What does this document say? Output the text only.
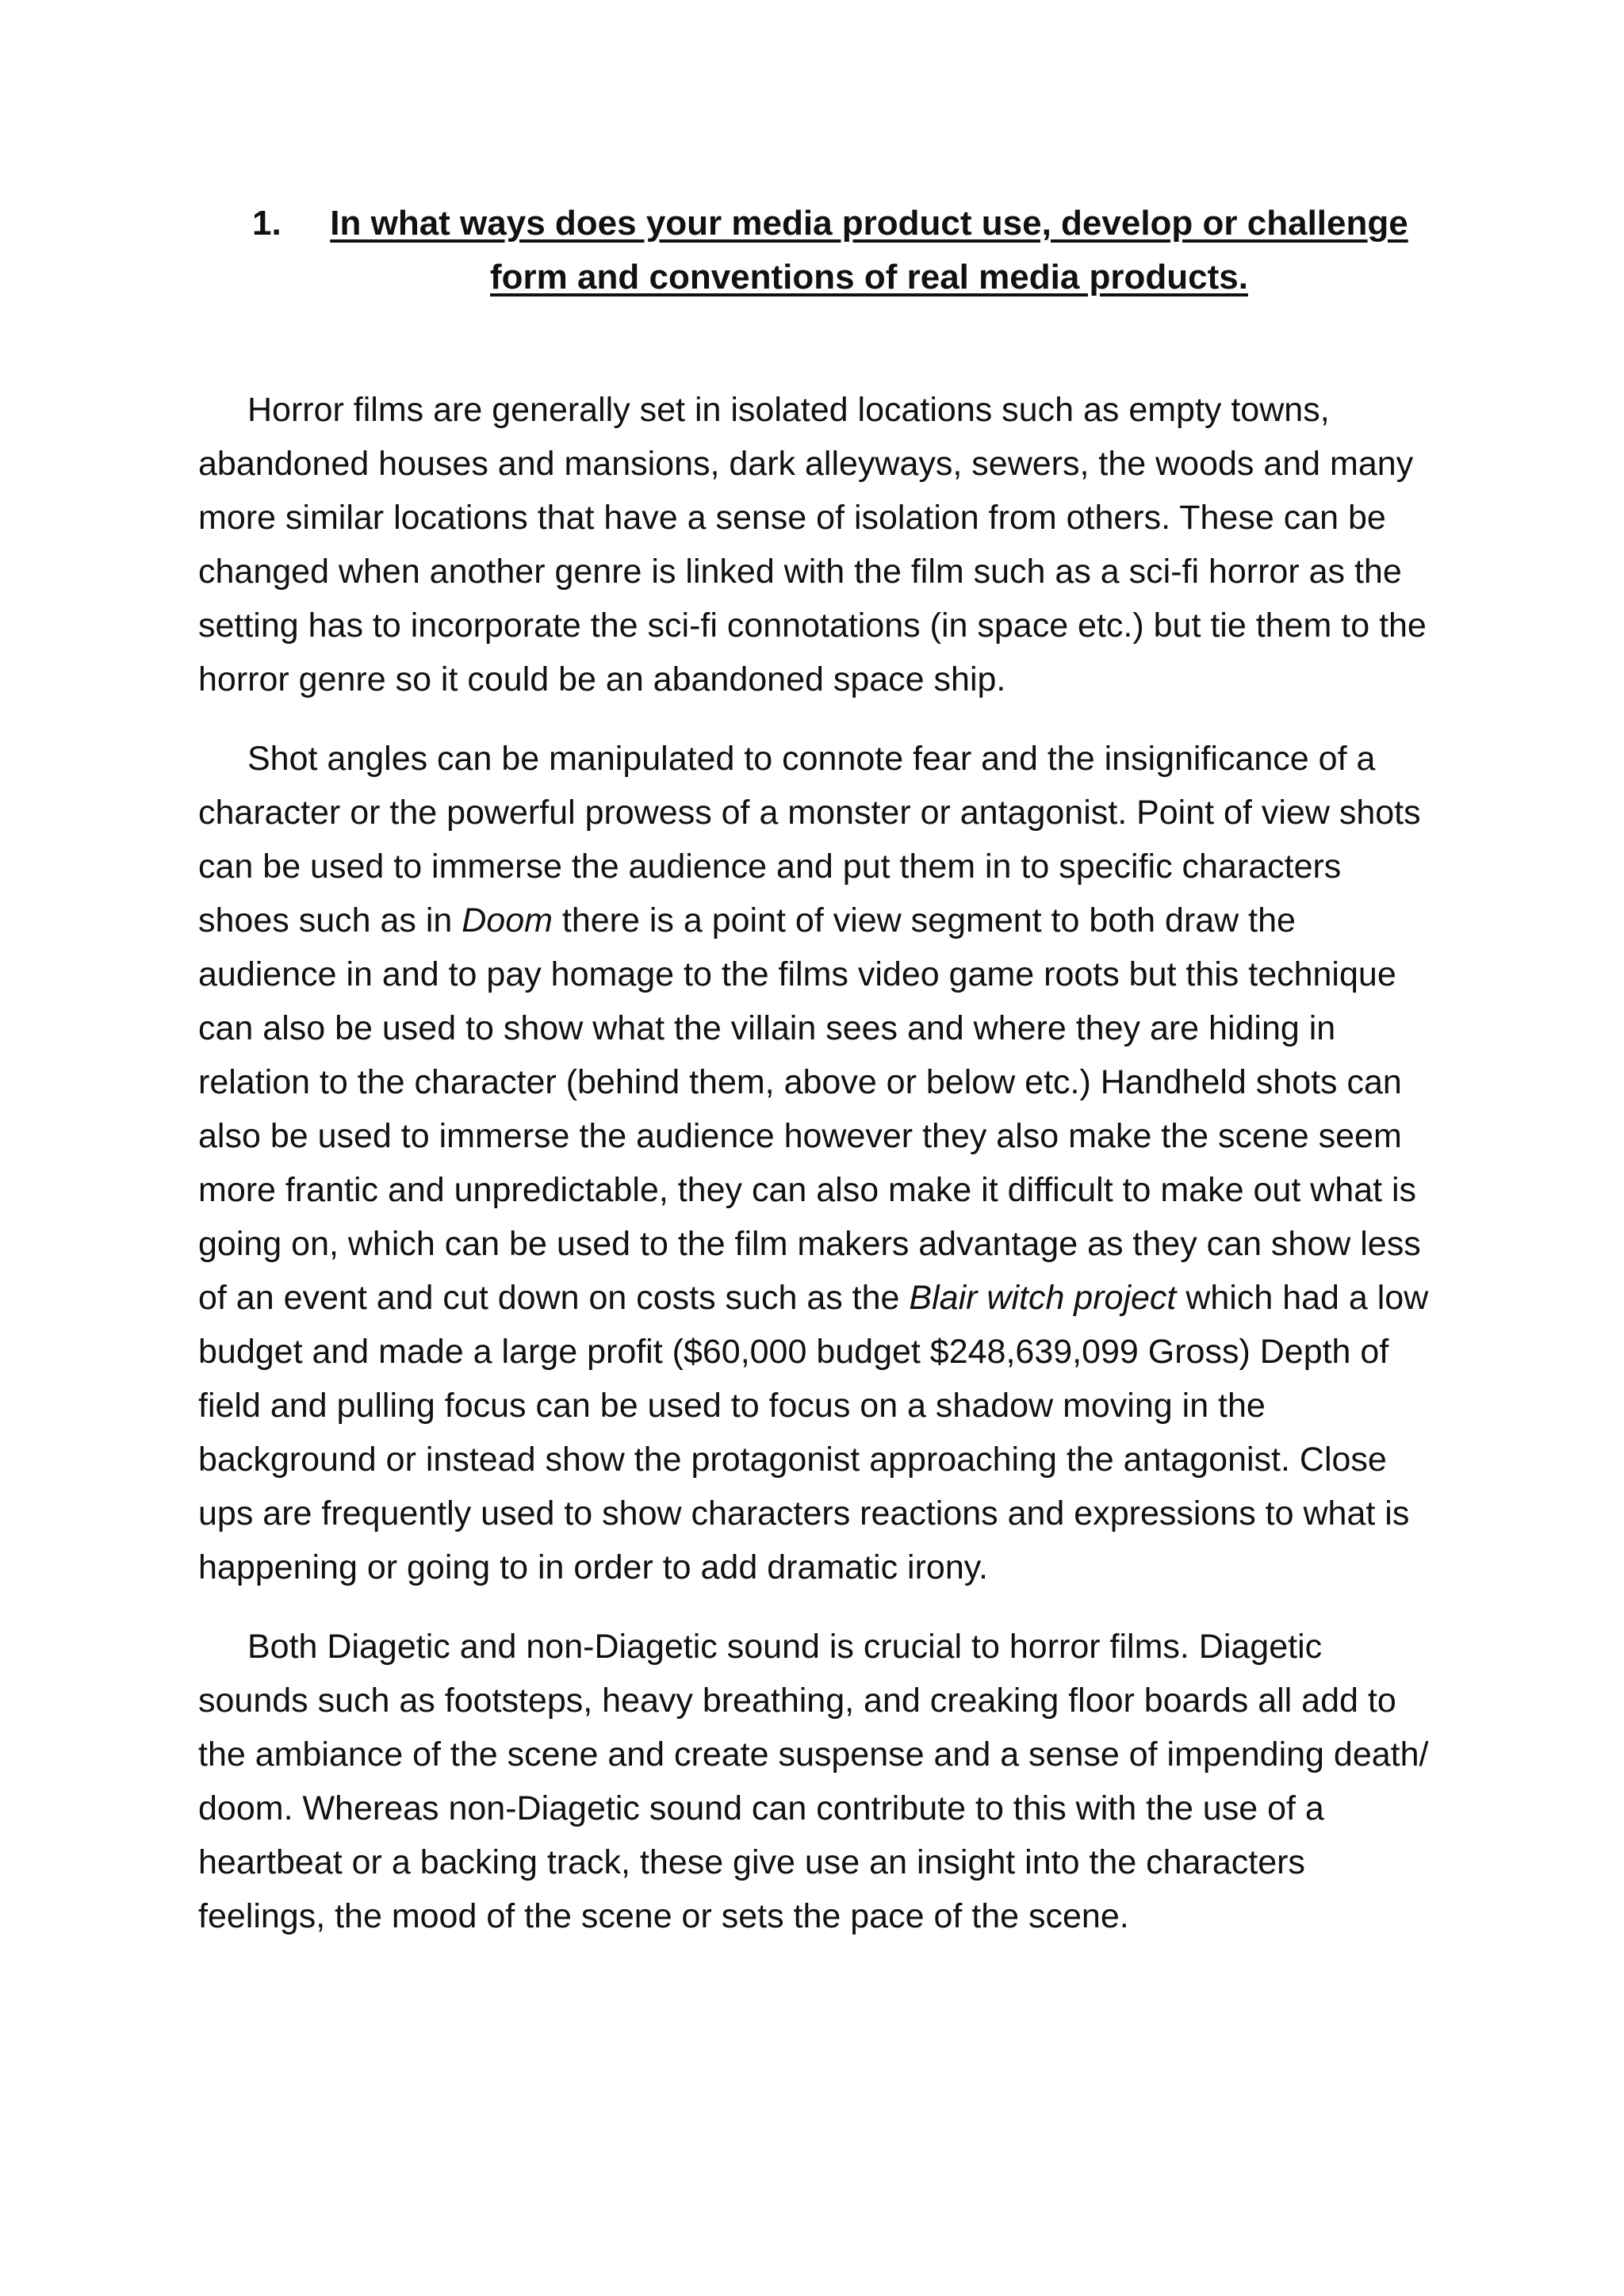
1.	In what ways does your media product use, develop or challenge form and conventions of real media products.

Horror films are generally set in isolated locations such as empty towns, abandoned houses and mansions, dark alleyways, sewers, the woods and many more similar locations that have a sense of isolation from others. These can be changed when another genre is linked with the film such as a sci-fi horror as the setting has to incorporate the sci-fi connotations (in space etc.) but tie them to the horror genre so it could be an abandoned space ship.

Shot angles can be manipulated to connote fear and the insignificance of a character or the powerful prowess of a monster or antagonist. Point of view shots can be used to immerse the audience and put them in to specific characters shoes such as in Doom there is a point of view segment to both draw the audience in and to pay homage to the films video game roots but this technique can also be used to show what the villain sees and where they are hiding in relation to the character (behind them, above or below etc.) Handheld shots can also be used to immerse the audience however they also make the scene seem more frantic and unpredictable, they can also make it difficult to make out what is going on, which can be used to the film makers advantage as they can show less of an event and cut down on costs such as the Blair witch project which had a low budget and made a large profit ($60,000 budget $248,639,099 Gross) Depth of field and pulling focus can be used to focus on a shadow moving in the background or instead show the protagonist approaching the antagonist. Close ups are frequently used to show characters reactions and expressions to what is happening or going to in order to add dramatic irony.

Both Diagetic and non-Diagetic sound is crucial to horror films. Diagetic sounds such as footsteps, heavy breathing, and creaking floor boards all add to the ambiance of the scene and create suspense and a sense of impending death/ doom. Whereas non-Diagetic sound can contribute to this with the use of a heartbeat or a backing track, these give use an insight into the characters feelings, the mood of the scene or sets the pace of the scene.
